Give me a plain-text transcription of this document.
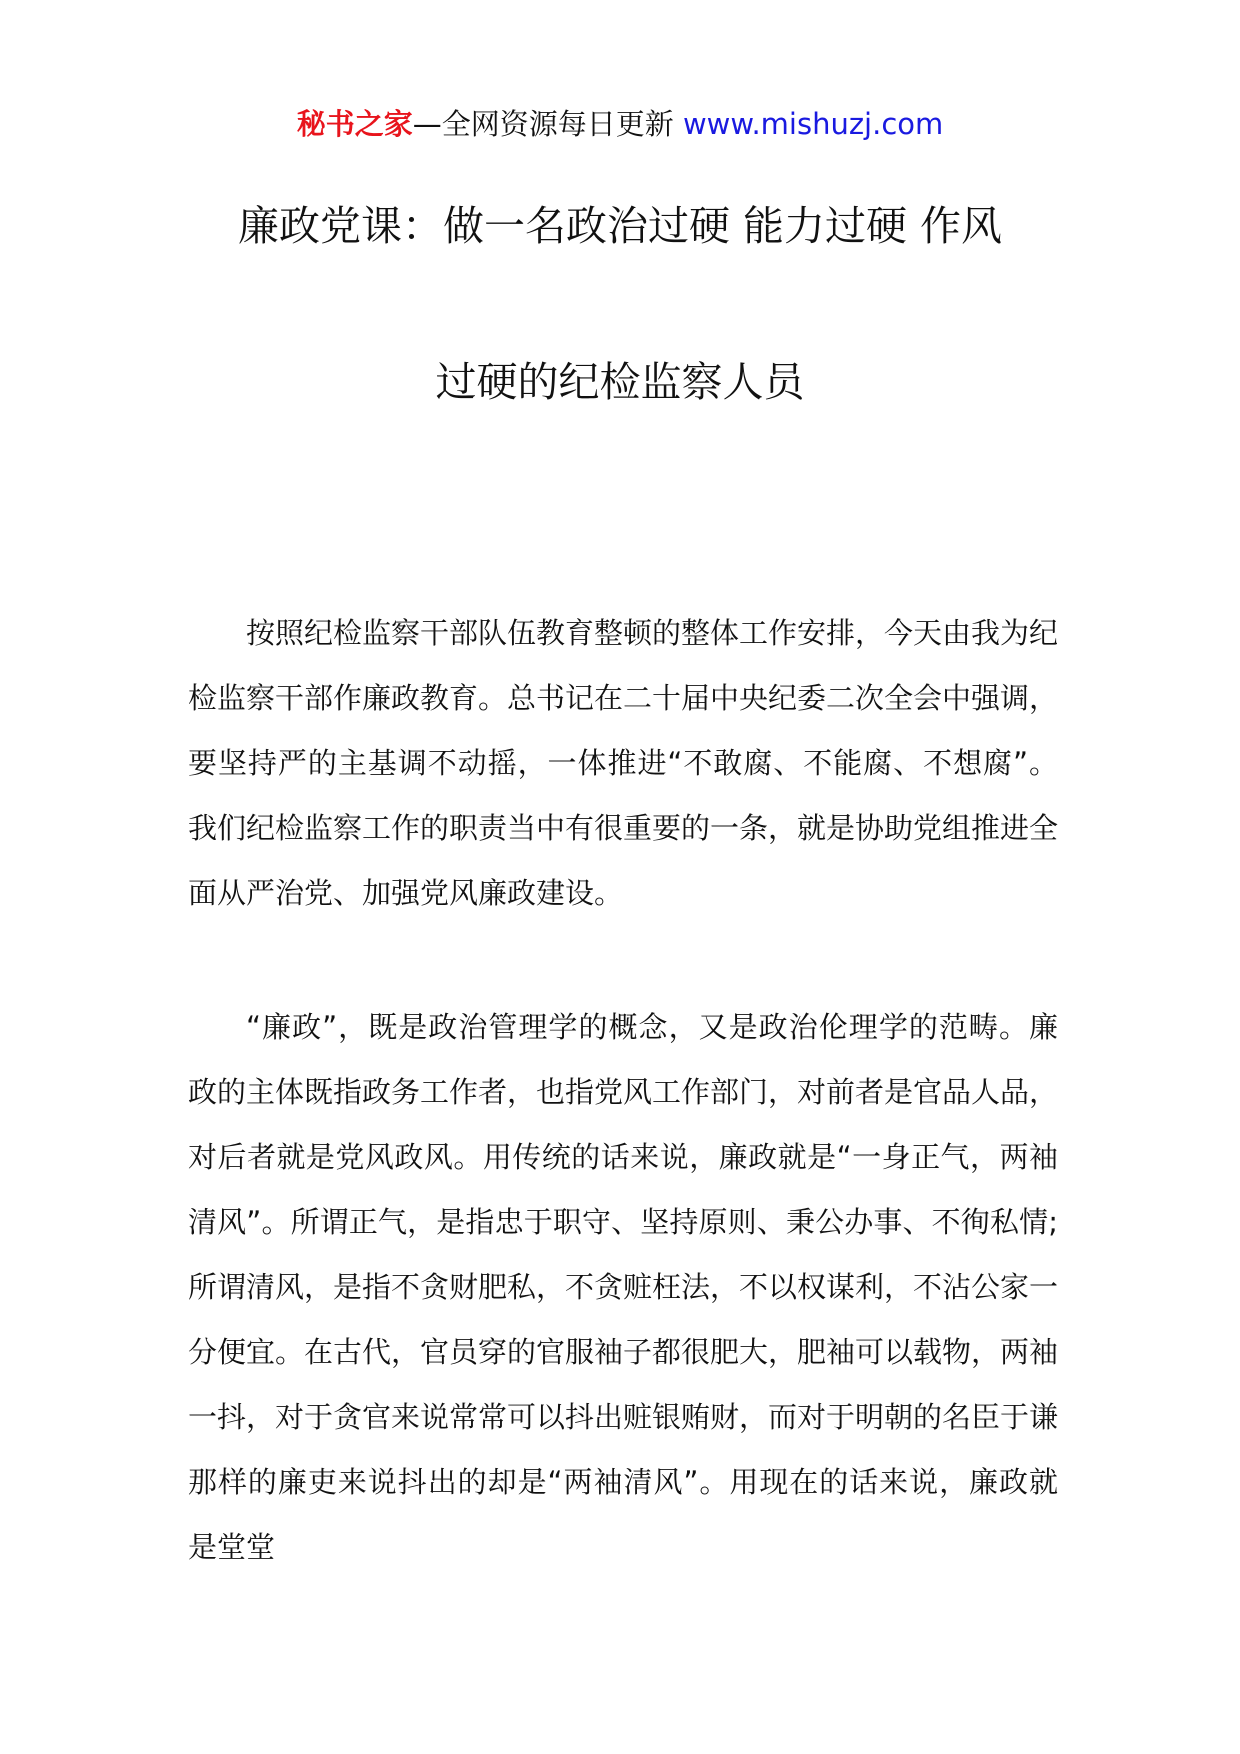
秘书之家—全网资源每日更新 www.mishuzj.com
廉政党课：做一名政治过硬 能力过硬 作风
过硬的纪检监察人员

按照纪检监察干部队伍教育整顿的整体工作安排，今天由我为纪检监察干部作廉政教育。总书记在二十届中央纪委二次全会中强调，要坚持严的主基调不动摇，一体推进“不敢腐、不能腐、不想腐”。我们纪检监察工作的职责当中有很重要的一条，就是协助党组推进全面从严治党、加强党风廉政建设。

“廉政”，既是政治管理学的概念，又是政治伦理学的范畴。廉政的主体既指政务工作者，也指党风工作部门，对前者是官品人品，对后者就是党风政风。用传统的话来说，廉政就是“一身正气，两袖清风”。所谓正气，是指忠于职守、坚持原则、秉公办事、不徇私情;所谓清风，是指不贪财肥私，不贪赃枉法，不以权谋利，不沾公家一分便宜。在古代，官员穿的官服袖子都很肥大，肥袖可以载物，两袖一抖，对于贪官来说常常可以抖出赃银贿财，而对于明朝的名臣于谦那样的廉吏来说抖出的却是“两袖清风”。用现在的话来说，廉政就是堂堂
